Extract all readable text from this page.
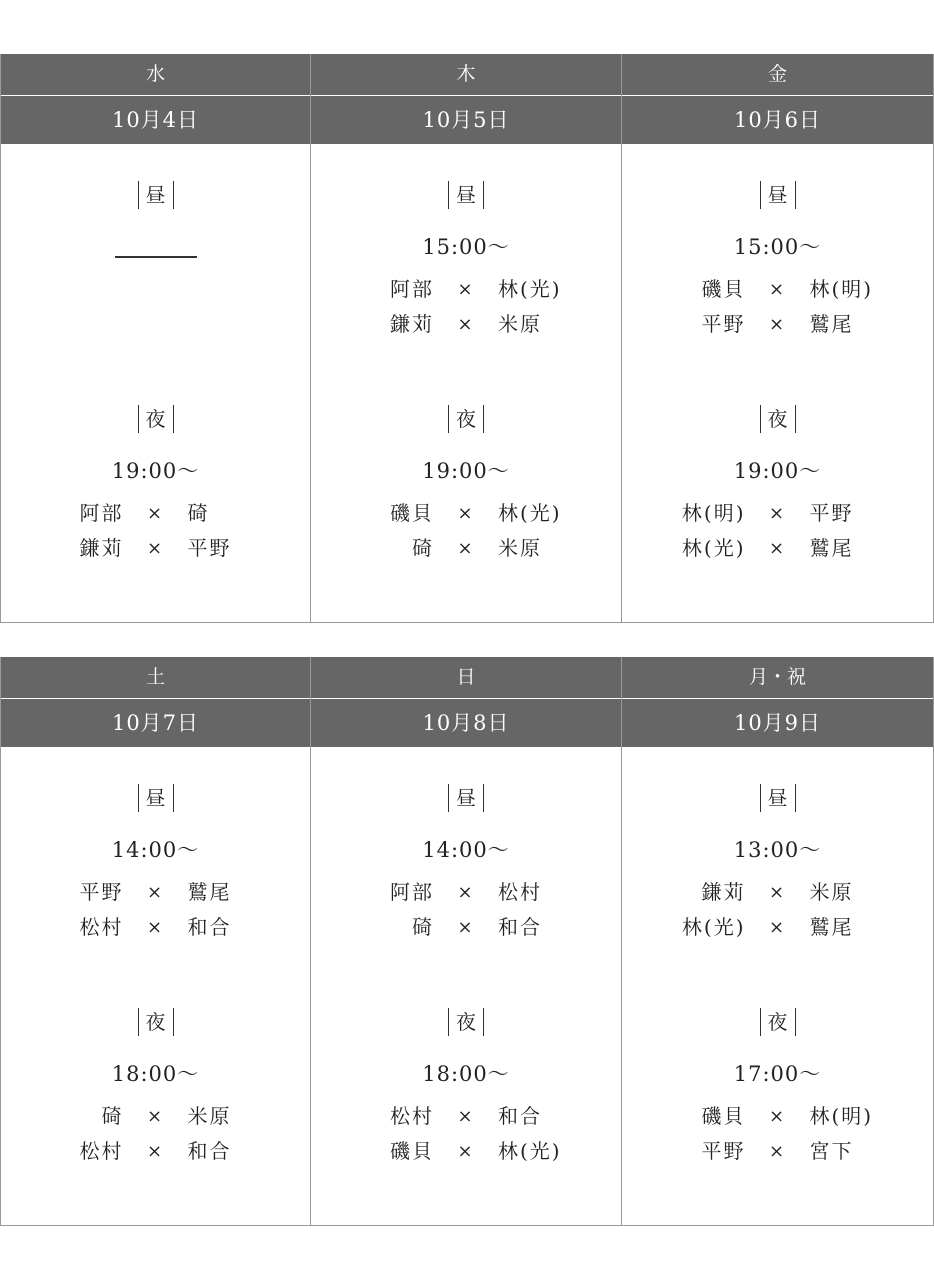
水
10月4日
昼
夜
19:00〜
阿部	×	碕
鎌苅	×	平野
木
10月5日
昼
15:00〜
阿部	×	林(光)
鎌苅	×	米原
夜
19:00〜
磯貝	×	林(光)
碕	×	米原
金
10月6日
昼
15:00〜
磯貝	×	林(明)
平野	×	鷲尾
夜
19:00〜
林(明)	×	平野
林(光)	×	鷲尾
土
10月7日
昼
14:00〜
平野	×	鷲尾
松村	×	和合
夜
18:00〜
碕	×	米原
松村	×	和合
日
10月8日
昼
14:00〜
阿部	×	松村
碕	×	和合
夜
18:00〜
松村	×	和合
磯貝	×	林(光)
月・祝
10月9日
昼
13:00〜
鎌苅	×	米原
林(光)	×	鷲尾
夜
17:00〜
磯貝	×	林(明)
平野	×	宮下
